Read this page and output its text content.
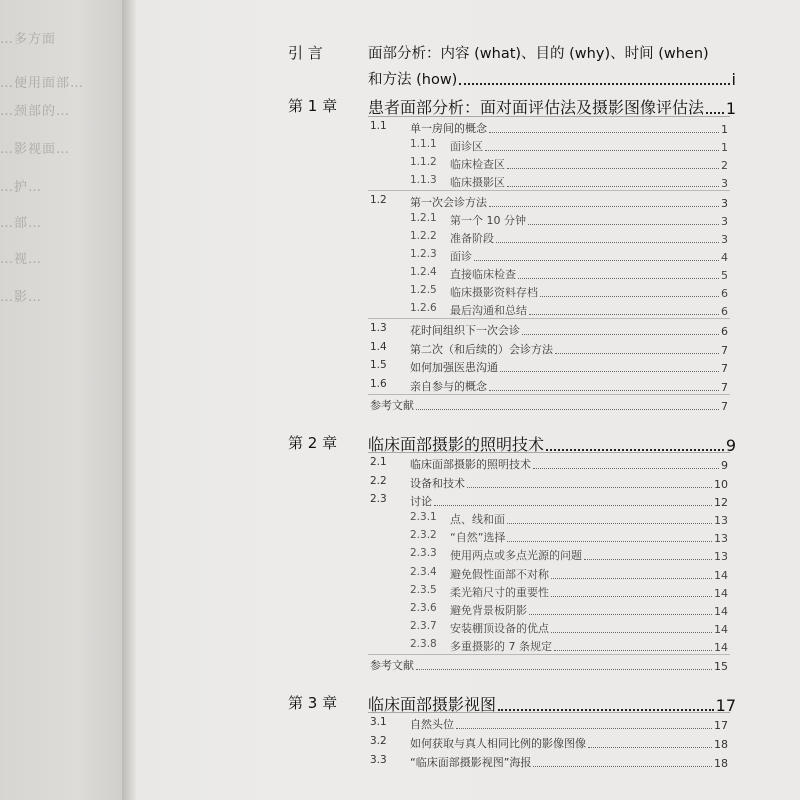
…多方面
…便用面部…
…颈部的…
…影视面…
…护…
…部…
…视…
…影…
引 言	面部分析：内容 (what)、目的 (why)、时间 (when)
和方法 (how)	i
第 1 章 患者面部分析：面对面评估法及摄影图像评估法 1
1.1 单一房间的概念	1
1.1.1 面诊区	1
1.1.2 临床检查区	2
1.1.3 临床摄影区	3
1.2 第一次会诊方法	3
1.2.1 第一个 10 分钟	3
1.2.2 准备阶段	3
1.2.3 面诊	4
1.2.4 直接临床检查	5
1.2.5 临床摄影资料存档	6
1.2.6 最后沟通和总结	6
1.3 花时间组织下一次会诊	6
1.4 第二次（和后续的）会诊方法	7
1.5 如何加强医患沟通	7
1.6 亲自参与的概念	7
参考文献	7
第 2 章 临床面部摄影的照明技术	9
2.1 临床面部摄影的照明技术	9
2.2 设备和技术	10
2.3 讨论	12
2.3.1 点、线和面	13
2.3.2 “自然”选择	13
2.3.3 使用两点或多点光源的问题	13
2.3.4 避免假性面部不对称	14
2.3.5 柔光箱尺寸的重要性	14
2.3.6 避免背景板阴影	14
2.3.7 安装棚顶设备的优点	14
2.3.8 多重摄影的 7 条规定	14
参考文献	15
第 3 章 临床面部摄影视图	17
3.1 自然头位	17
3.2 如何获取与真人相同比例的影像图像	18
3.3 “临床面部摄影视图”海报	18
